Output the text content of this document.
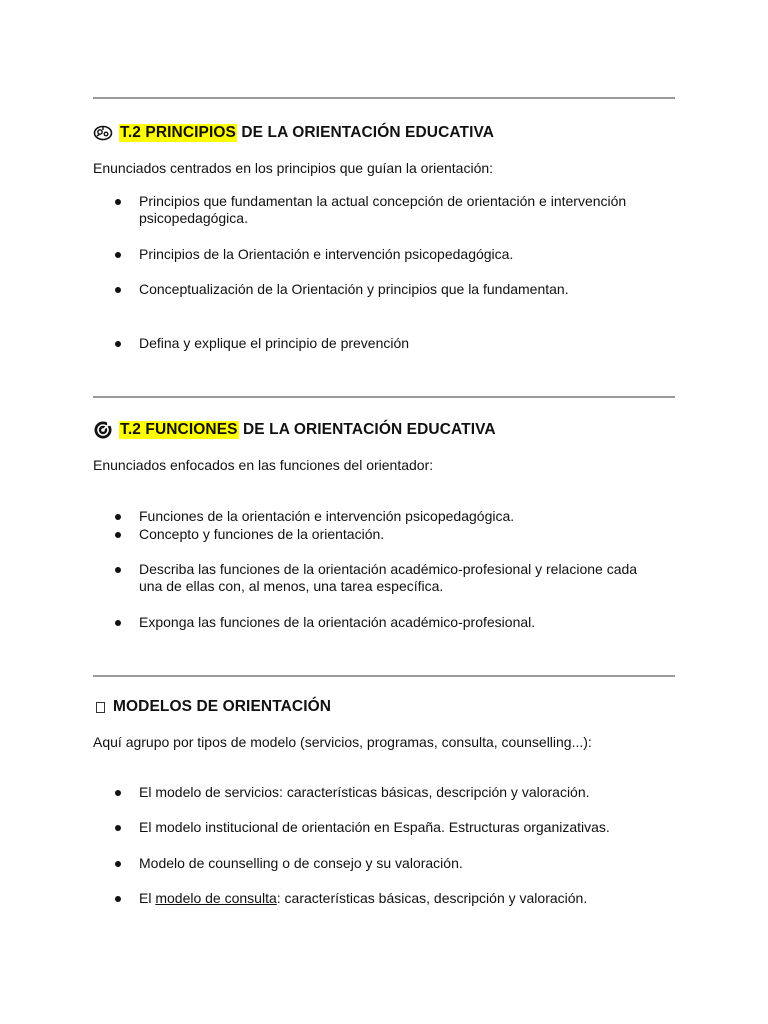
T.2 PRINCIPIOS DE LA ORIENTACIÓN EDUCATIVA
Enunciados centrados en los principios que guían la orientación:
Principios que fundamentan la actual concepción de orientación e intervención psicopedagógica.
Principios de la Orientación e intervención psicopedagógica.
Conceptualización de la Orientación y principios que la fundamentan.
Defina y explique el principio de prevención
T.2 FUNCIONES DE LA ORIENTACIÓN EDUCATIVA
Enunciados enfocados en las funciones del orientador:
Funciones de la orientación e intervención psicopedagógica.
Concepto y funciones de la orientación.
Describa las funciones de la orientación académico-profesional y relacione cada una de ellas con, al menos, una tarea específica.
Exponga las funciones de la orientación académico-profesional.
MODELOS DE ORIENTACIÓN
Aquí agrupo por tipos de modelo (servicios, programas, consulta, counselling...):
El modelo de servicios: características básicas, descripción y valoración.
El modelo institucional de orientación en España. Estructuras organizativas.
Modelo de counselling o de consejo y su valoración.
El modelo de consulta: características básicas, descripción y valoración.
